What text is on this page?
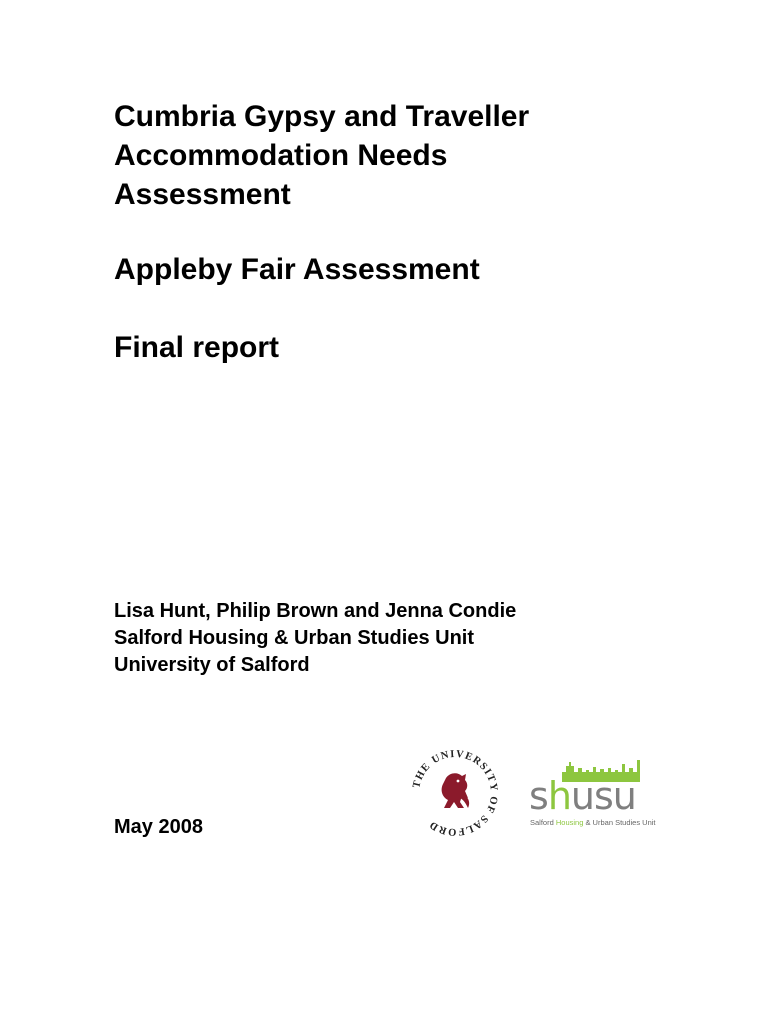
Cumbria Gypsy and Traveller
Accommodation Needs
Assessment
Appleby Fair Assessment
Final report
Lisa Hunt, Philip Brown and Jenna Condie
Salford Housing & Urban Studies Unit
University of Salford
May 2008
THE UNIVERSITY OF SALFORD
shusu
Salford Housing & Urban Studies Unit
